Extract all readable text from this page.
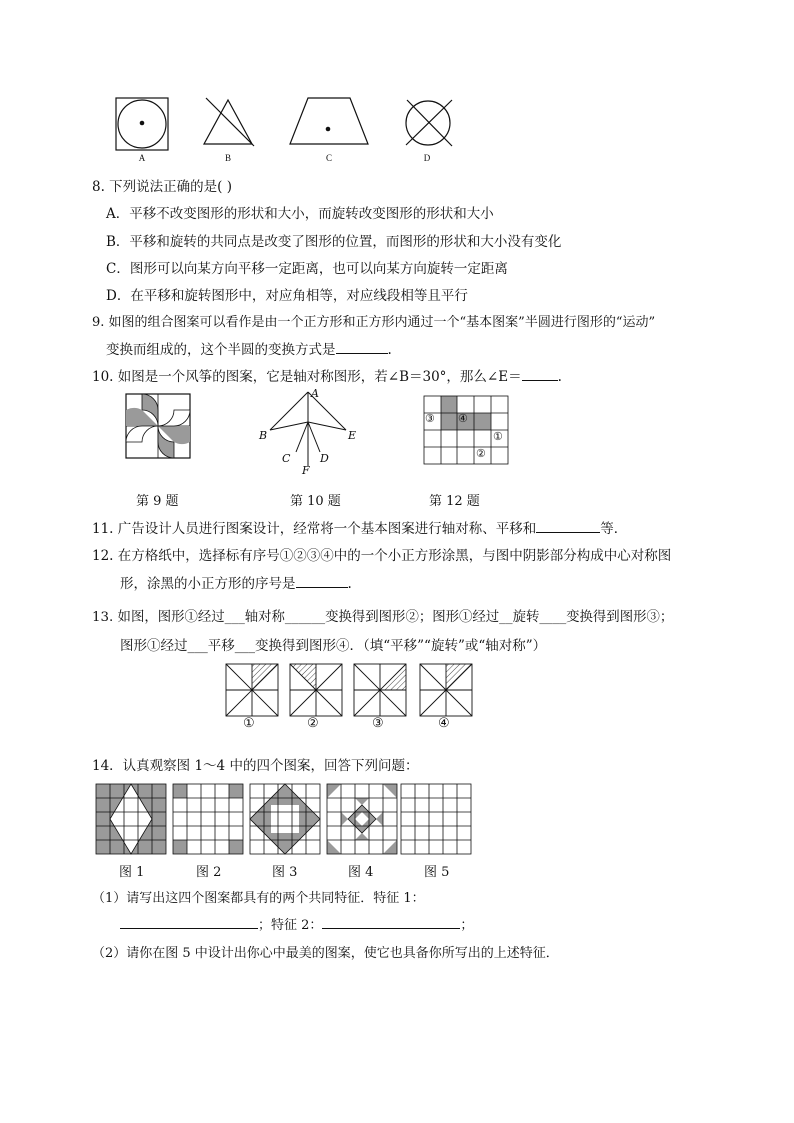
A	B	C	D
8. 下列说法正确的是( )
A．平移不改变图形的形状和大小，而旋转改变图形的形状和大小
B．平移和旋转的共同点是改变了图形的位置，而图形的形状和大小没有变化
C．图形可以向某方向平移一定距离，也可以向某方向旋转一定距离
D．在平移和旋转图形中，对应角相等，对应线段相等且平行
9. 如图的组合图案可以看作是由一个正方形和正方形内通过一个“基本图案”半圆进行图形的“运动”
变换而组成的，这个半圆的变换方式是	.
10. 如图是一个风筝的图案，它是轴对称图形，若∠B＝30°，那么∠E＝	.
A
B	E
C	D
F
③ ④
①
②
第 9 题	第 10 题	第 12 题
11. 广告设计人员进行图案设计，经常将一个基本图案进行轴对称、平移和	等．
12. 在方格纸中，选择标有序号①②③④中的一个小正方形涂黑，与图中阴影部分构成中心对称图
形，涂黑的小正方形的序号是	.
13. 如图，图形①经过___轴对称______变换得到图形②；图形①经过__旋转____变换得到图形③；
图形①经过___平移___变换得到图形④．（填“平移”“旋转”或“轴对称”）
①	②	③	④
14．认真观察图 1～4 中的四个图案，回答下列问题：
图 1	图 2	图 3	图 4	图 5
（1）请写出这四个图案都具有的两个共同特征．特征 1：
；特征 2：	；
（2）请你在图 5 中设计出你心中最美的图案，使它也具备你所写出的上述特征．
